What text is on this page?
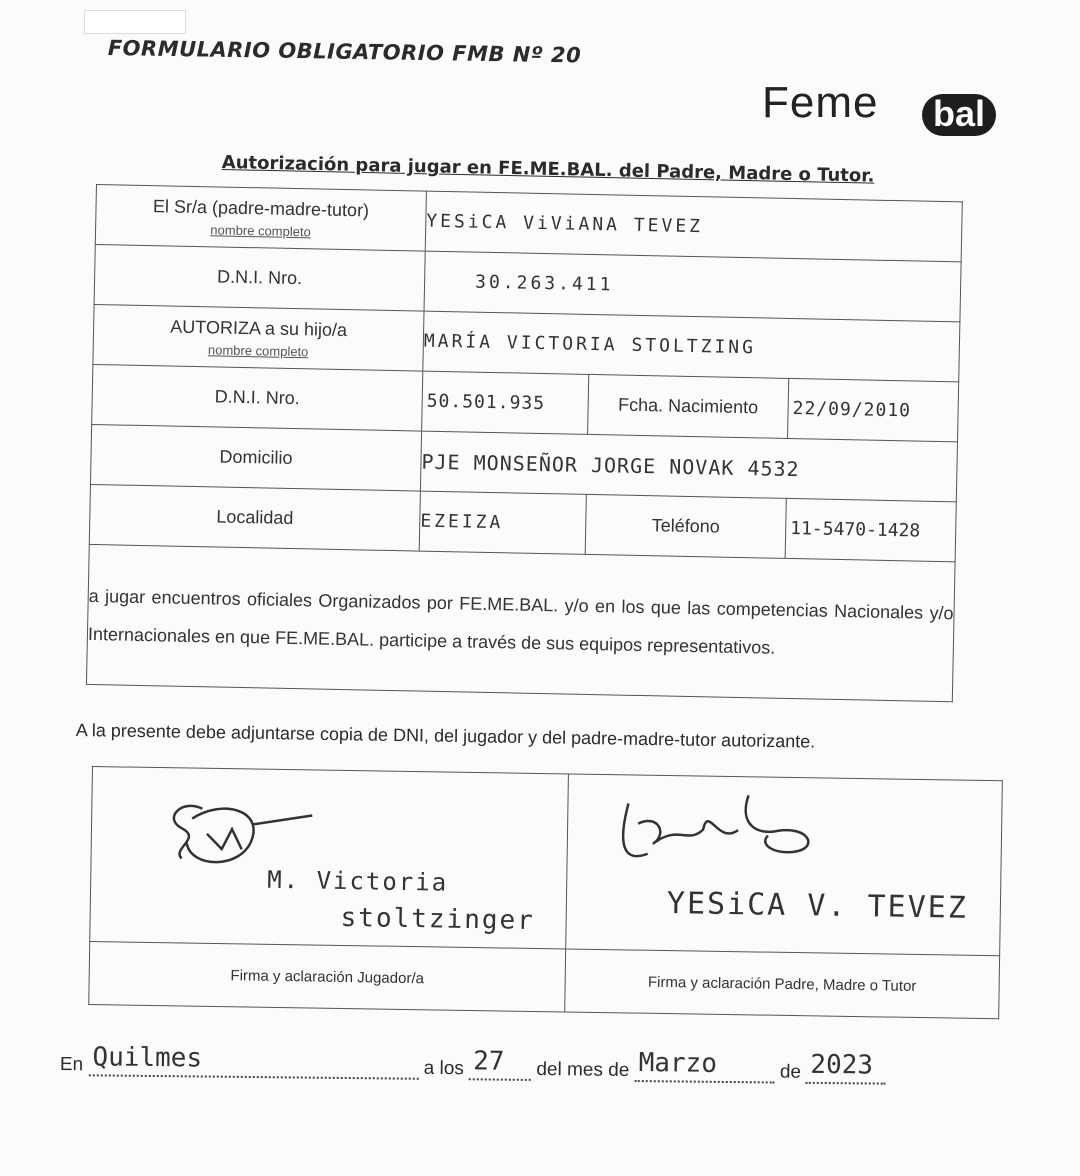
FORMULARIO OBLIGATORIO FMB Nº 20
Feme	bal
Autorización para jugar en FE.ME.BAL. del Padre, Madre o Tutor.
El Sr/a (padre-madre-tutor)
nombre completo	YESiCA ViViANA TEVEZ		
D.N.I. Nro.	30.263.411		

AUTORIZA a su hijo/a
nombre completo	MARÍA VICTORIA STOLTZING		
D.N.I. Nro.	50.501.935	Fcha. Nacimiento	22/09/2010
Domicilio	PJE MONSEÑOR JORGE NOVAK 4532		
Localidad	EZEIZA	Teléfono	11-5470-1428
a jugar encuentros oficiales Organizados por FE.ME.BAL. y/o en los que las competencias Nacionales y/o Internacionales en que FE.ME.BAL. participe a través de sus equipos representativos.			
A la presente debe adjuntarse copia de DNI, del jugador y del padre-madre-tutor autorizante.
M. Victoria
stoltzinger	YESiCA V. TEVEZ

Firma y aclaración Jugador/a	Firma y aclaración Padre, Madre o Tutor
En Quilmes	a los 27 del mes de Marzo	de 2023
